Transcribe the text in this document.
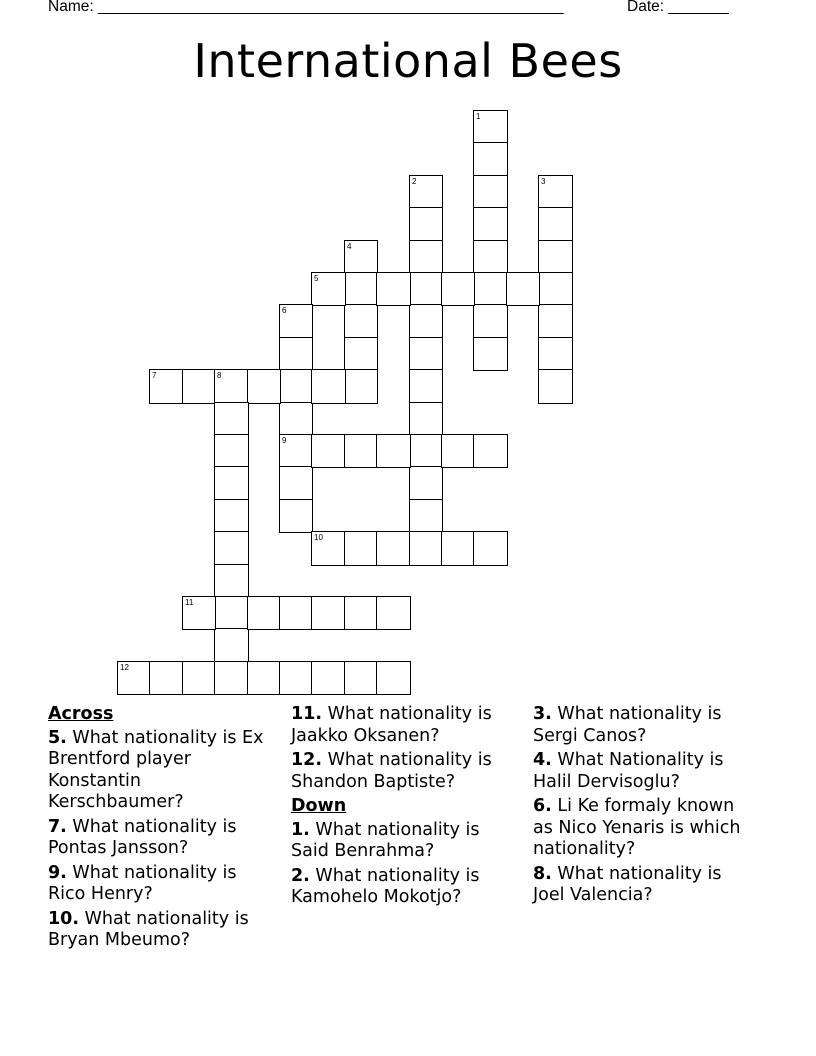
Name: ______________________________________________________	Date: _______
International Bees
1
2	3
4
5
6
7	8
9
10
11
12
Across
5. What nationality is Ex Brentford player Konstantin Kerschbaumer?
7. What nationality is Pontas Jansson?
9. What nationality is Rico Henry?
10. What nationality is Bryan Mbeumo?
11. What nationality is Jaakko Oksanen?
12. What nationality is Shandon Baptiste?
Down
1. What nationality is Said Benrahma?
2. What nationality is Kamohelo Mokotjo?
3. What nationality is Sergi Canos?
4. What Nationality is Halil Dervisoglu?
6. Li Ke formaly known as Nico Yenaris is which nationality?
8. What nationality is Joel Valencia?
